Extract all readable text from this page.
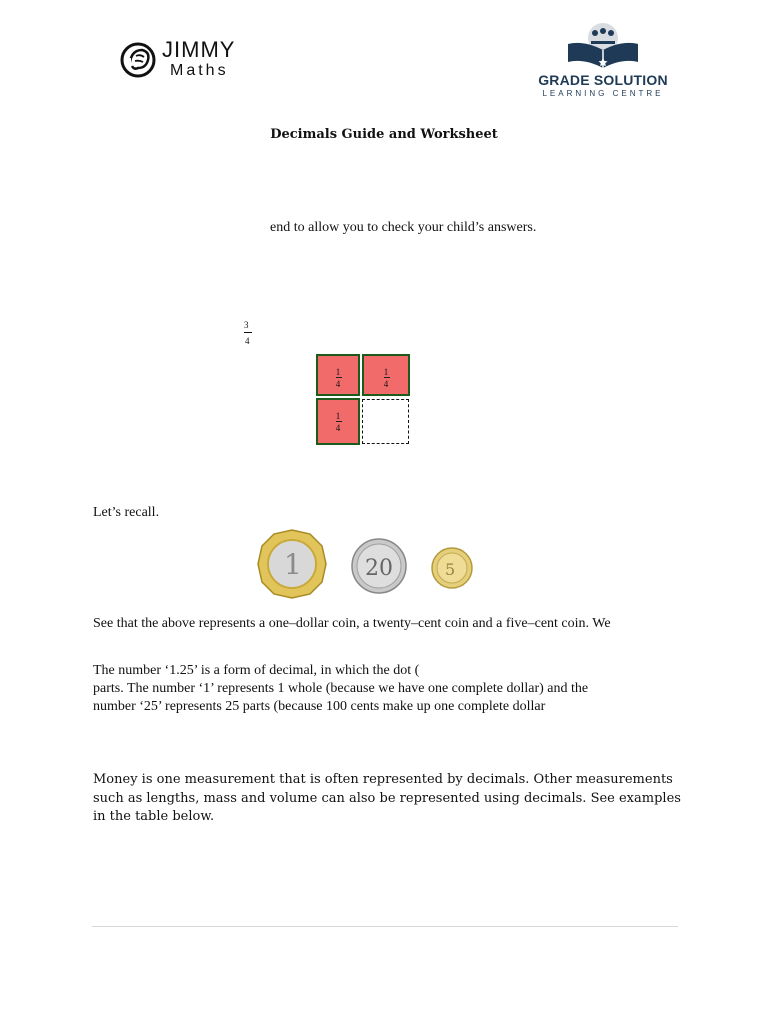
JIMMY
Maths
GRADE SOLUTION
LEARNING CENTRE
Decimals Guide and Worksheet
end to allow you to check your child’s answers.
3
4
1
4
1
4
1
4
Let’s recall.
1	20	5
See that the above represents a one–dollar coin, a twenty–cent coin and a five–cent coin. We
The number ‘1.25’ is a form of decimal, in which the dot (
parts. The number ‘1’ represents 1 whole (because we have one complete dollar) and the
number ‘25’ represents 25 parts (because 100 cents make up one complete dollar
Money is one measurement that is often represented by decimals. Other measurements such as lengths, mass and volume can also be represented using decimals. See examples in the table below.
